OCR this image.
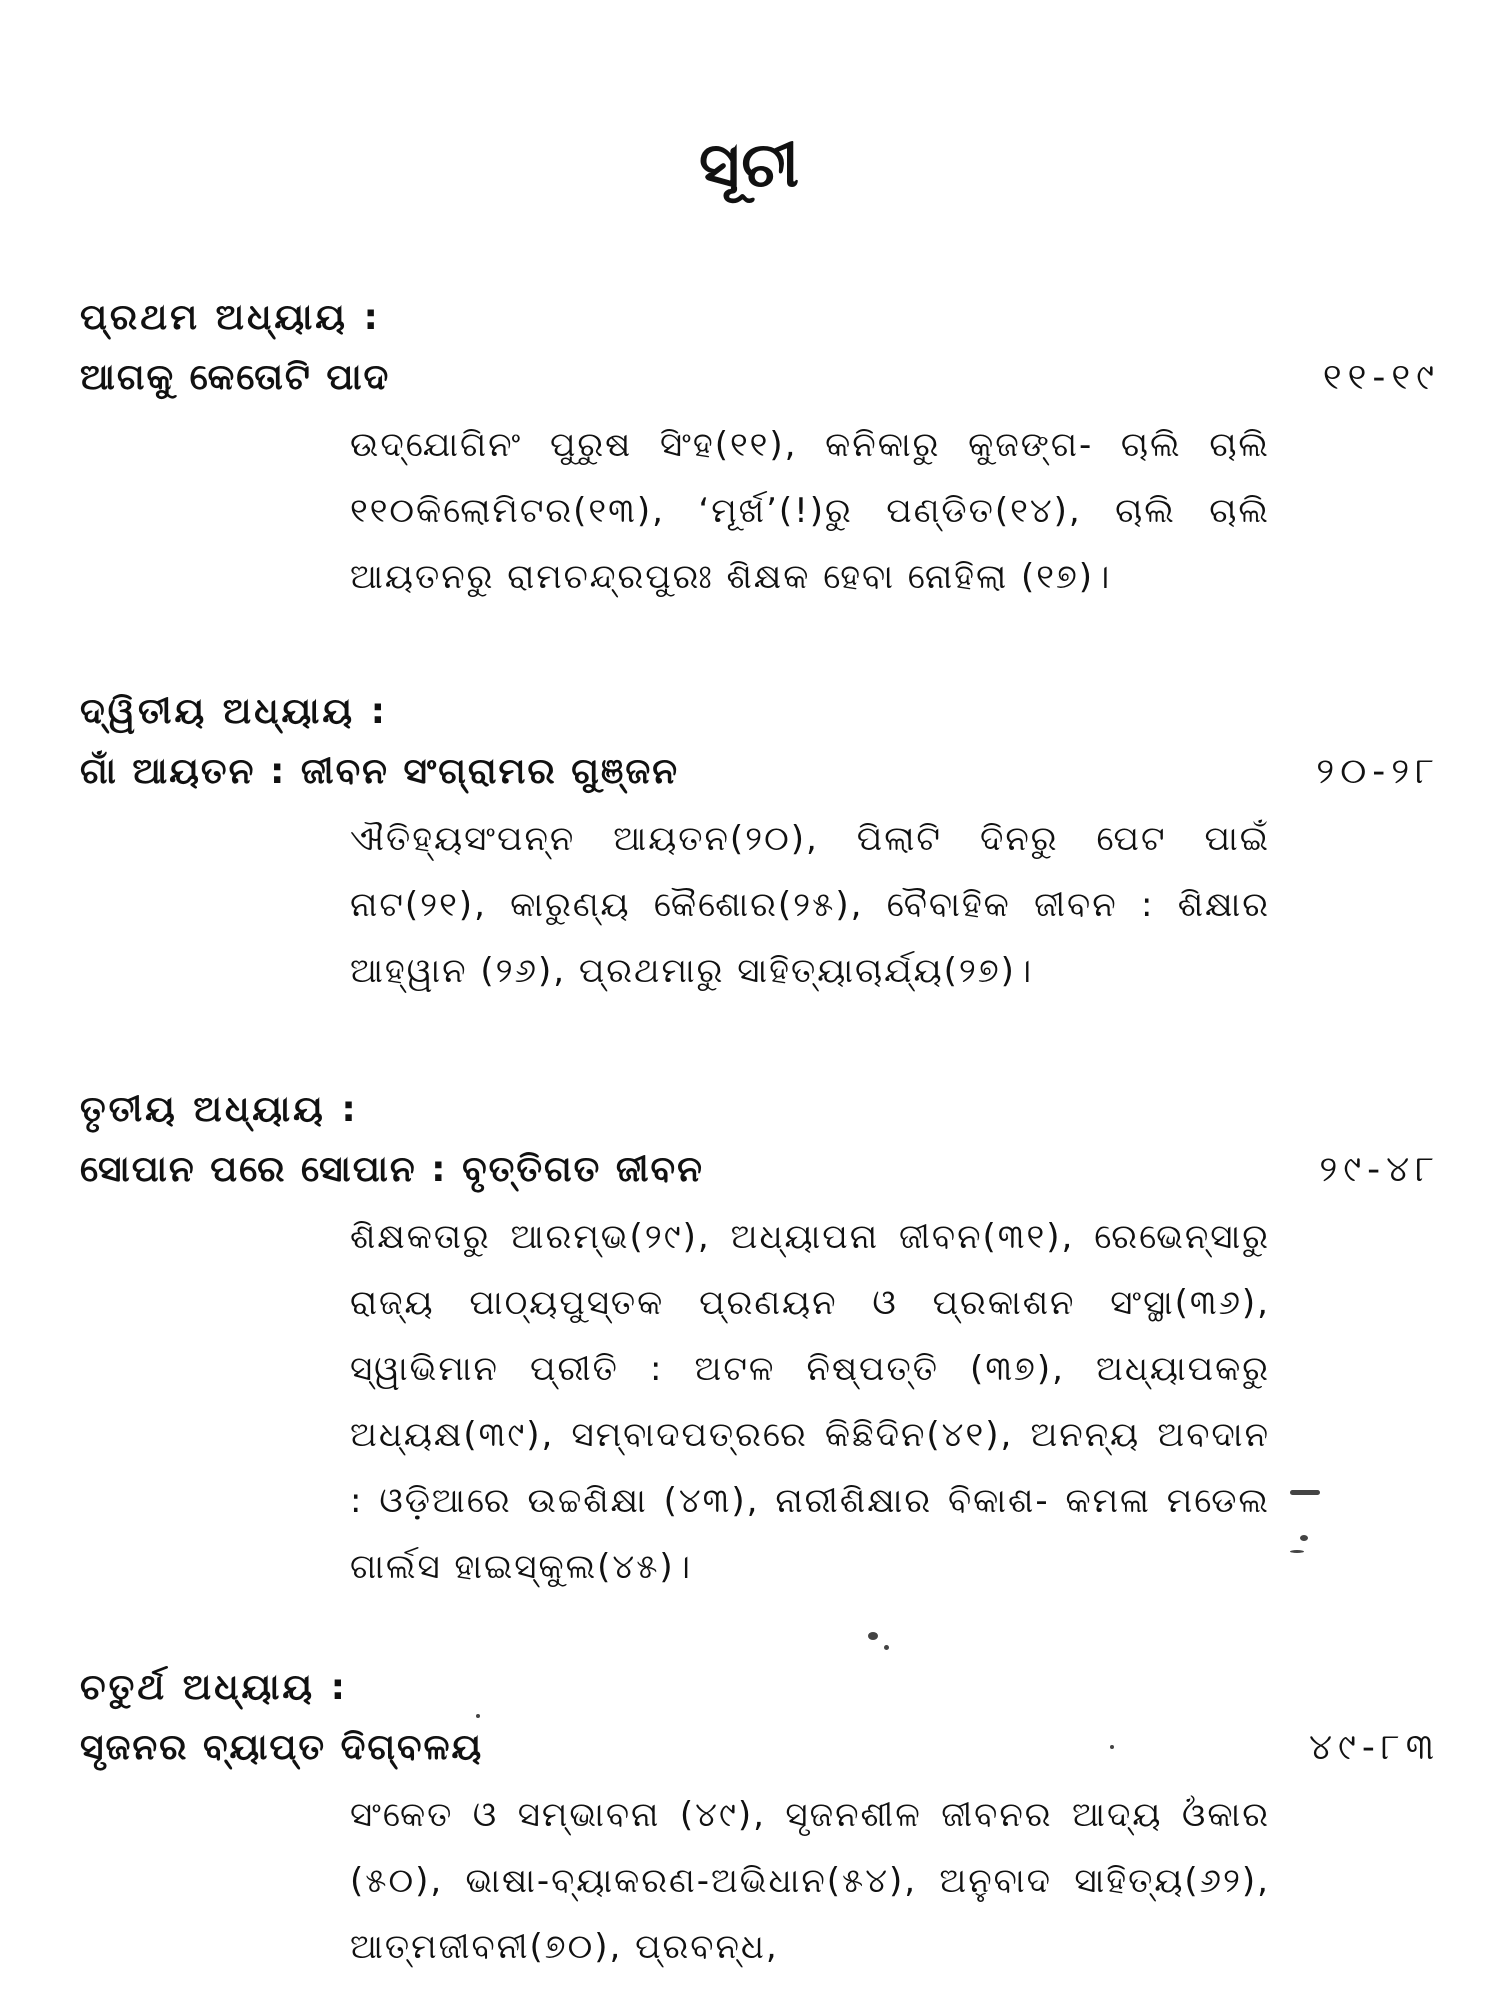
ସୂଚୀ
ପ୍ରଥମ ଅଧ୍ୟାୟ :
ଆଗକୁ କେତୋଟି ପାଦ	୧୧-୧୯
ଉଦ୍‌ଯୋଗିନଂ ପୁରୁଷ ସିଂହ(୧୧), କନିକାରୁ କୁଜଙ୍ଗ- ଚାଲି ଚାଲି ୧୧୦କିଲୋମିଟର(୧୩), ‘ମୂର୍ଖ’(!)ରୁ ପଣ୍ଡିତ(୧୪), ଚାଲି ଚାଲି ଆୟତନରୁ ରାମଚନ୍ଦ୍ରପୁରଃ ଶିକ୍ଷକ ହେବା ନୋହିଲା (୧୭)।
ଦ୍ୱିତୀୟ ଅଧ୍ୟାୟ :
ଗାଁ ଆୟତନ : ଜୀବନ ସଂଗ୍ରାମର ଗୁଞ୍ଜନ	୨୦-୨୮
ଐତିହ୍ୟସଂପନ୍ନ ଆୟତନ(୨୦), ପିଲାଟି ଦିନରୁ ପେଟ ପାଇଁ ନାଟ(୨୧), କାରୁଣ୍ୟ କୈଶୋର(୨୫), ବୈବାହିକ ଜୀବନ : ଶିକ୍ଷାର ଆହ୍ୱାନ (୨୬), ପ୍ରଥମାରୁ ସାହିତ୍ୟାଚାର୍ଯ୍ୟ(୨୭)।
ତୃତୀୟ ଅଧ୍ୟାୟ :
ସୋପାନ ପରେ ସୋପାନ : ବୃତ୍ତିଗତ ଜୀବନ	୨୯-୪୮
ଶିକ୍ଷକତାରୁ ଆରମ୍ଭ(୨୯), ଅଧ୍ୟାପନା ଜୀବନ(୩୧), ରେଭେନ୍ସାରୁ ରାଜ୍ୟ ପାଠ୍ୟପୁସ୍ତକ ପ୍ରଣୟନ ଓ ପ୍ରକାଶନ ସଂସ୍ଥା(୩୬), ସ୍ୱାଭିମାନ ପ୍ରୀତି : ଅଟଳ ନିଷ୍ପତ୍ତି (୩୭), ଅଧ୍ୟାପକରୁ ଅଧ୍ୟକ୍ଷ(୩୯), ସମ୍ବାଦପତ୍ରରେ କିଛିଦିନ(୪୧), ଅନନ୍ୟ ଅବଦାନ : ଓଡ଼ିଆରେ ଉଚ୍ଚଶିକ୍ଷା (୪୩), ନାରୀଶିକ୍ଷାର ବିକାଶ- କମଳା ମଡେଲ ଗାର୍ଲସ ହାଇସ୍କୁଲ(୪୫)।
ଚତୁର୍ଥ ଅଧ୍ୟାୟ :
ସୃଜନର ବ୍ୟାପ୍ତ ଦିଗ୍‌ବଳୟ	୪୯-୮୩
ସଂକେତ ଓ ସମ୍ଭାବନା (୪୯), ସୃଜନଶୀଳ ଜୀବନର ଆଦ୍ୟ ଓଁକାର (୫୦), ଭାଷା-ବ୍ୟାକରଣ-ଅଭିଧାନ(୫୪), ଅନୁବାଦ ସାହିତ୍ୟ(୬୨), ଆତ୍ମଜୀବନୀ(୭୦), ପ୍ରବନ୍ଧ,
